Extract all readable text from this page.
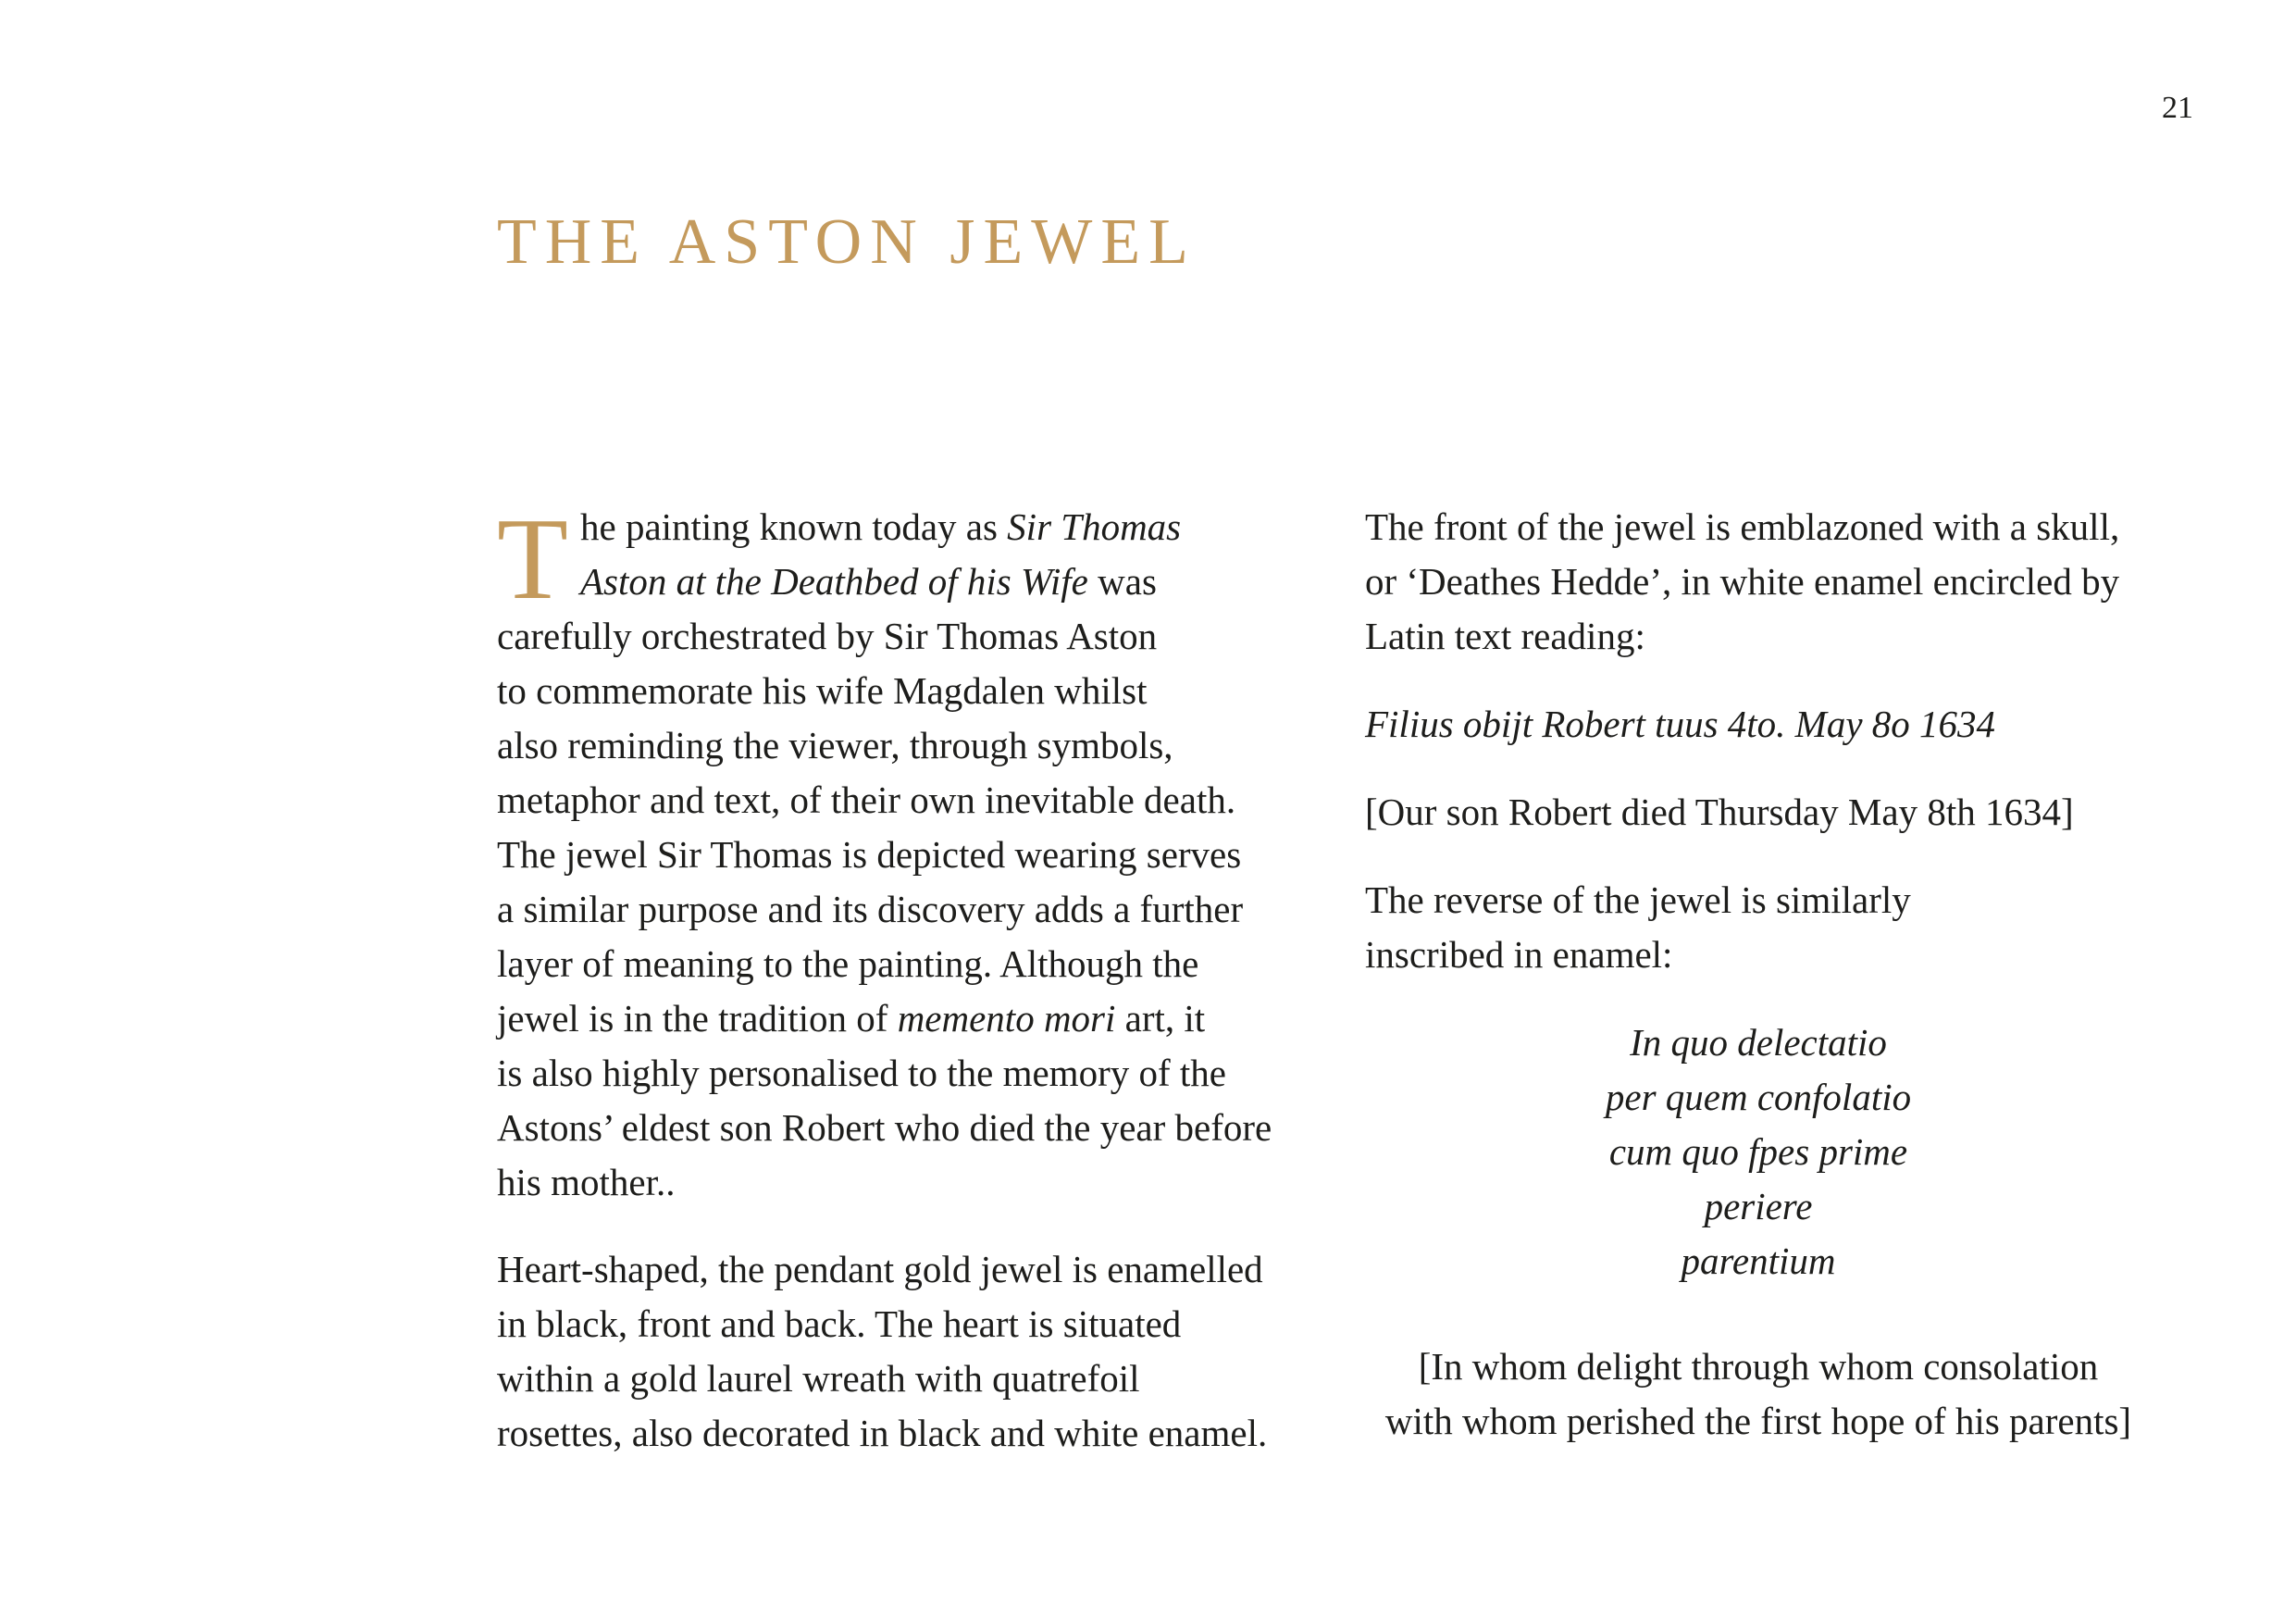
21
THE ASTON JEWEL
T he painting known today as Sir Thomas
Aston at the Deathbed of his Wife was
carefully orchestrated by Sir Thomas Aston
to commemorate his wife Magdalen whilst
also reminding the viewer, through symbols,
metaphor and text, of their own inevitable death.
The jewel Sir Thomas is depicted wearing serves
a similar purpose and its discovery adds a further
layer of meaning to the painting. Although the
jewel is in the tradition of memento mori art, it
is also highly personalised to the memory of the
Astons’ eldest son Robert who died the year before
his mother..
Heart-shaped, the pendant gold jewel is enamelled
in black, front and back. The heart is situated
within a gold laurel wreath with quatrefoil
rosettes, also decorated in black and white enamel.
The front of the jewel is emblazoned with a skull,
or ‘Deathes Hedde’, in white enamel encircled by
Latin text reading:
Filius obijt Robert tuus 4to. May 8o 1634
[Our son Robert died Thursday May 8th 1634]
The reverse of the jewel is similarly
inscribed in enamel:
In quo delectatio
per quem confolatio
cum quo fpes prime
periere
parentium
[In whom delight through whom consolation
with whom perished the first hope of his parents]
